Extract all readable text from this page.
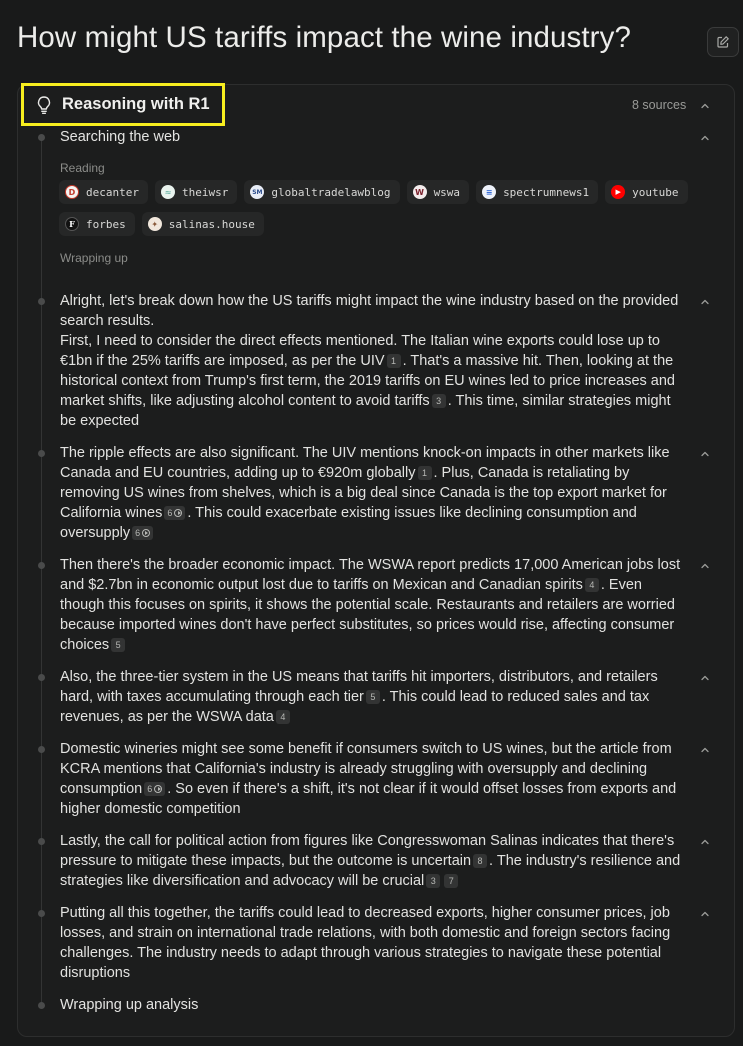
How might US tariffs impact the wine industry?
Reasoning with R1	8 sources
Searching the web
Reading
D decanter	≈ theiwsr	SM globaltradelawblog	W wswa	≡ spectrumnews1	▶	youtube
F	forbes	✦ salinas.house
Wrapping up
Alright, let's break down how the US tariffs might impact the wine industry based on the provided search results.
First, I need to consider the direct effects mentioned. The Italian wine exports could lose up to €1bn if the 25% tariffs are imposed, as per the UIV 1 . That's a massive hit. Then, looking at the historical context from Trump's first term, the 2019 tariffs on EU wines led to price increases and market shifts, like adjusting alcohol content to avoid tariffs 3 . This time, similar strategies might be expected
The ripple effects are also significant. The UIV mentions knock-on impacts in other markets like Canada and EU countries, adding up to €920m globally 1 . Plus, Canada is retaliating by removing US wines from shelves, which is a big deal since Canada is the top export market for California wines 6 . This could exacerbate existing issues like declining consumption and oversupply 6
Then there's the broader economic impact. The WSWA report predicts 17,000 American jobs lost and $2.7bn in economic output lost due to tariffs on Mexican and Canadian spirits 4 . Even though this focuses on spirits, it shows the potential scale. Restaurants and retailers are worried because imported wines don't have perfect substitutes, so prices would rise, affecting consumer choices 5
Also, the three-tier system in the US means that tariffs hit importers, distributors, and retailers hard, with taxes accumulating through each tier 5 . This could lead to reduced sales and tax revenues, as per the WSWA data 4
Domestic wineries might see some benefit if consumers switch to US wines, but the article from KCRA mentions that California's industry is already struggling with oversupply and declining consumption 6 . So even if there's a shift, it's not clear if it would offset losses from exports and higher domestic competition
Lastly, the call for political action from figures like Congresswoman Salinas indicates that there's pressure to mitigate these impacts, but the outcome is uncertain 8 . The industry's resilience and strategies like diversification and advocacy will be crucial 3 7
Putting all this together, the tariffs could lead to decreased exports, higher consumer prices, job losses, and strain on international trade relations, with both domestic and foreign sectors facing challenges. The industry needs to adapt through various strategies to navigate these potential disruptions
Wrapping up analysis
